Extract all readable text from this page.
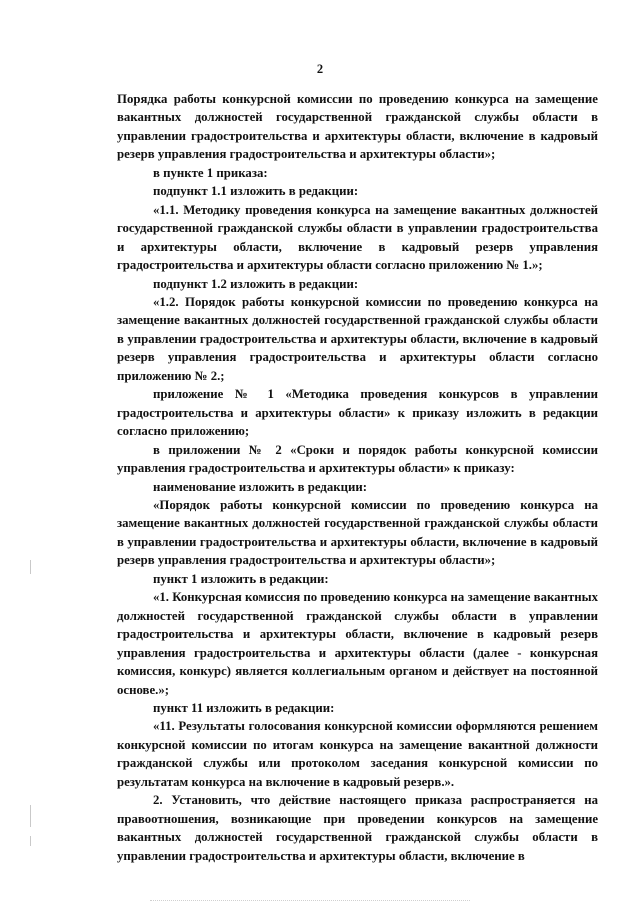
2

Порядка работы конкурсной комиссии по проведению конкурса на замещение вакантных должностей государственной гражданской службы области в управлении градостроительства и архитектуры области, включение в кадровый резерв управления градостроительства и архитектуры области»;

в пункте 1 приказа:

подпункт 1.1 изложить в редакции:

«1.1. Методику проведения конкурса на замещение вакантных должностей государственной гражданской службы области в управлении градостроительства и архитектуры области, включение в кадровый резерв управления градостроительства и архитектуры области согласно приложению № 1.»;

подпункт 1.2 изложить в редакции:

«1.2. Порядок работы конкурсной комиссии по проведению конкурса на замещение вакантных должностей государственной гражданской службы области в управлении градостроительства и архитектуры области, включение в кадровый резерв управления градостроительства и архитектуры области согласно приложению № 2.;

приложение № 1 «Методика проведения конкурсов в управлении градостроительства и архитектуры области» к приказу изложить в редакции согласно приложению;

в приложении № 2 «Сроки и порядок работы конкурсной комиссии управления градостроительства и архитектуры области» к приказу:

наименование изложить в редакции:

«Порядок работы конкурсной комиссии по проведению конкурса на замещение вакантных должностей государственной гражданской службы области в управлении градостроительства и архитектуры области, включение в кадровый резерв управления градостроительства и архитектуры области»;

пункт 1 изложить в редакции:

«1. Конкурсная комиссия по проведению конкурса на замещение вакантных должностей государственной гражданской службы области в управлении градостроительства и архитектуры области, включение в кадровый резерв управления градостроительства и архитектуры области (далее - конкурсная комиссия, конкурс) является коллегиальным органом и действует на постоянной основе.»;

пункт 11 изложить в редакции:

«11. Результаты голосования конкурсной комиссии оформляются решением конкурсной комиссии по итогам конкурса на замещение вакантной должности гражданской службы или протоколом заседания конкурсной комиссии по результатам конкурса на включение в кадровый резерв.».

2. Установить, что действие настоящего приказа распространяется на правоотношения, возникающие при проведении конкурсов на замещение вакантных должностей государственной гражданской службы области в управлении градостроительства и архитектуры области, включение в
